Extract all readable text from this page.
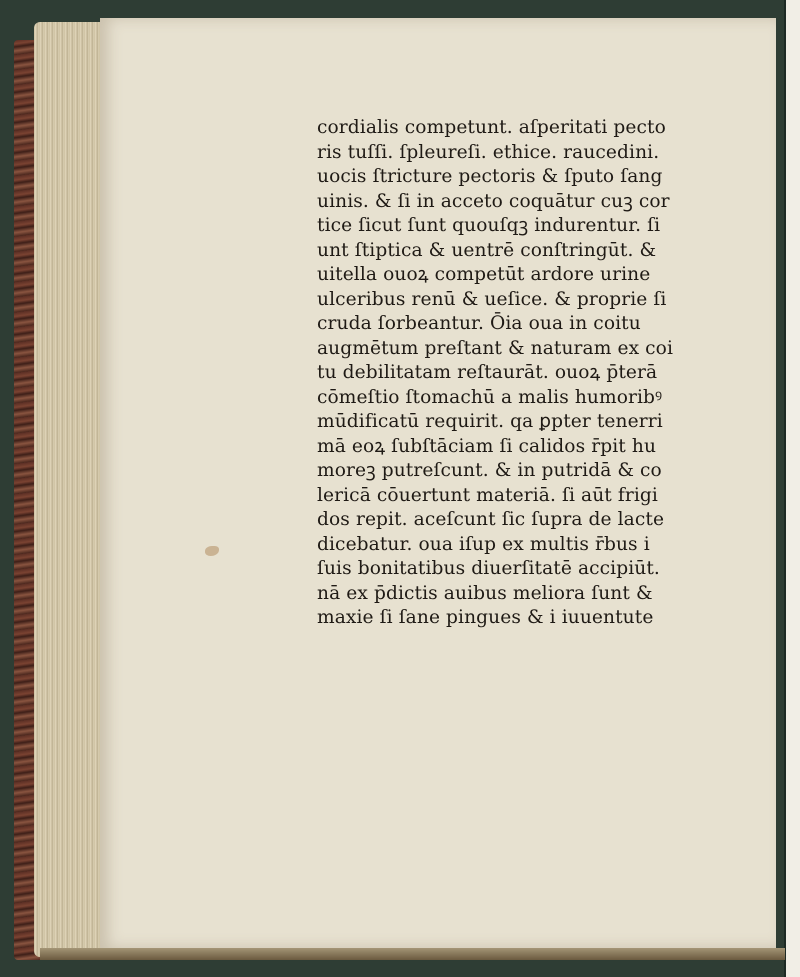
cordialis competunt. aſperitati pecto
ris tuſſi. ſpleureſi. ethice. raucedini.
uocis ſtricture pectoris & ſputo ſang
uinis. & ſi in acceto coquātur cuꝫ cor
tice ſicut ſunt quouſqꝫ indurentur. ſi
unt ſtiptica & uentrē conſtringūt. &
uitella ouoꝝ competūt ardore urine
ulceribus renū & ueſice. & proprie ſi
cruda ſorbeantur. Ōia oua in coitu
augmētum preſtant & naturam ex coi
tu debilitatam reſtaurāt. ouoꝝ p̄terā
cōmeſtio ſtomachū a malis humoribꝰ
mūdificatū requirit. qa ꝑpter tenerri
mā eoꝝ ſubſtāciam ſi calidos r̄pit hu
moreꝫ putreſcunt. & in putridā & co
lericā cōuertunt materiā. ſi aūt frigi
dos repit. aceſcunt ſic ſupra de lacte
dicebatur. oua iſup ex multis r̄bus i
ſuis bonitatibus diuerſitatē accipiūt.
nā ex p̄dictis auibus meliora ſunt &
maxie ſi ſane pingues & i iuuentute
